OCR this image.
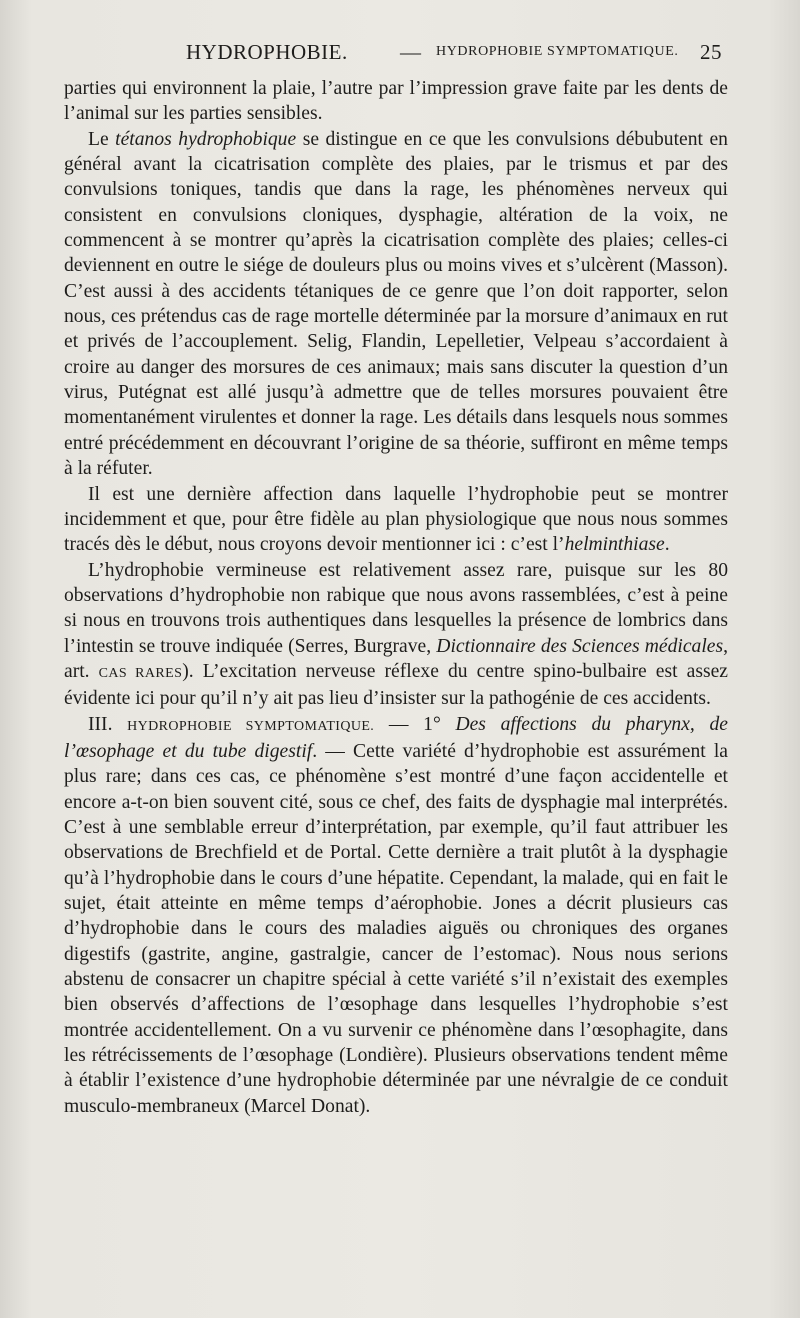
HYDROPHOBIE. — HYDROPHOBIE SYMPTOMATIQUE. 25

parties qui environnent la plaie, l’autre par l’impression grave faite par les dents de l’animal sur les parties sensibles.

Le tétanos hydrophobique se distingue en ce que les convulsions débubutent en général avant la cicatrisation complète des plaies, par le trismus et par des convulsions toniques, tandis que dans la rage, les phénomènes nerveux qui consistent en convulsions cloniques, dysphagie, altération de la voix, ne commencent à se montrer qu’après la cicatrisation complète des plaies; celles-ci deviennent en outre le siége de douleurs plus ou moins vives et s’ulcèrent (Masson). C’est aussi à des accidents tétaniques de ce genre que l’on doit rapporter, selon nous, ces prétendus cas de rage mortelle déterminée par la morsure d’animaux en rut et privés de l’accouplement. Selig, Flandin, Lepelletier, Velpeau s’accordaient à croire au danger des morsures de ces animaux; mais sans discuter la question d’un virus, Putégnat est allé jusqu’à admettre que de telles morsures pouvaient être momentanément virulentes et donner la rage. Les détails dans lesquels nous sommes entré précédemment en découvrant l’origine de sa théorie, suffiront en même temps à la réfuter.

Il est une dernière affection dans laquelle l’hydrophobie peut se montrer incidemment et que, pour être fidèle au plan physiologique que nous nous sommes tracés dès le début, nous croyons devoir mentionner ici : c’est l’helminthiase.

L’hydrophobie vermineuse est relativement assez rare, puisque sur les 80 observations d’hydrophobie non rabique que nous avons rassemblées, c’est à peine si nous en trouvons trois authentiques dans lesquelles la présence de lombrics dans l’intestin se trouve indiquée (Serres, Burgrave, Dictionnaire des Sciences médicales, art. CAS RARES). L’excitation nerveuse réflexe du centre spino-bulbaire est assez évidente ici pour qu’il n’y ait pas lieu d’insister sur la pathogénie de ces accidents.

III. HYDROPHOBIE SYMPTOMATIQUE. — 1° Des affections du pharynx, de l’œsophage et du tube digestif. — Cette variété d’hydrophobie est assurément la plus rare; dans ces cas, ce phénomène s’est montré d’une façon accidentelle et encore a-t-on bien souvent cité, sous ce chef, des faits de dysphagie mal interprétés. C’est à une semblable erreur d’interprétation, par exemple, qu’il faut attribuer les observations de Brechfield et de Portal. Cette dernière a trait plutôt à la dysphagie qu’à l’hydrophobie dans le cours d’une hépatite. Cependant, la malade, qui en fait le sujet, était atteinte en même temps d’aérophobie. Jones a décrit plusieurs cas d’hydrophobie dans le cours des maladies aiguës ou chroniques des organes digestifs (gastrite, angine, gastralgie, cancer de l’estomac). Nous nous serions abstenu de consacrer un chapitre spécial à cette variété s’il n’existait des exemples bien observés d’affections de l’œsophage dans lesquelles l’hydrophobie s’est montrée accidentellement. On a vu survenir ce phénomène dans l’œsophagite, dans les rétrécissements de l’œsophage (Londière). Plusieurs observations tendent même à établir l’existence d’une hydrophobie déterminée par une névralgie de ce conduit musculo-membraneux (Marcel Donat).
